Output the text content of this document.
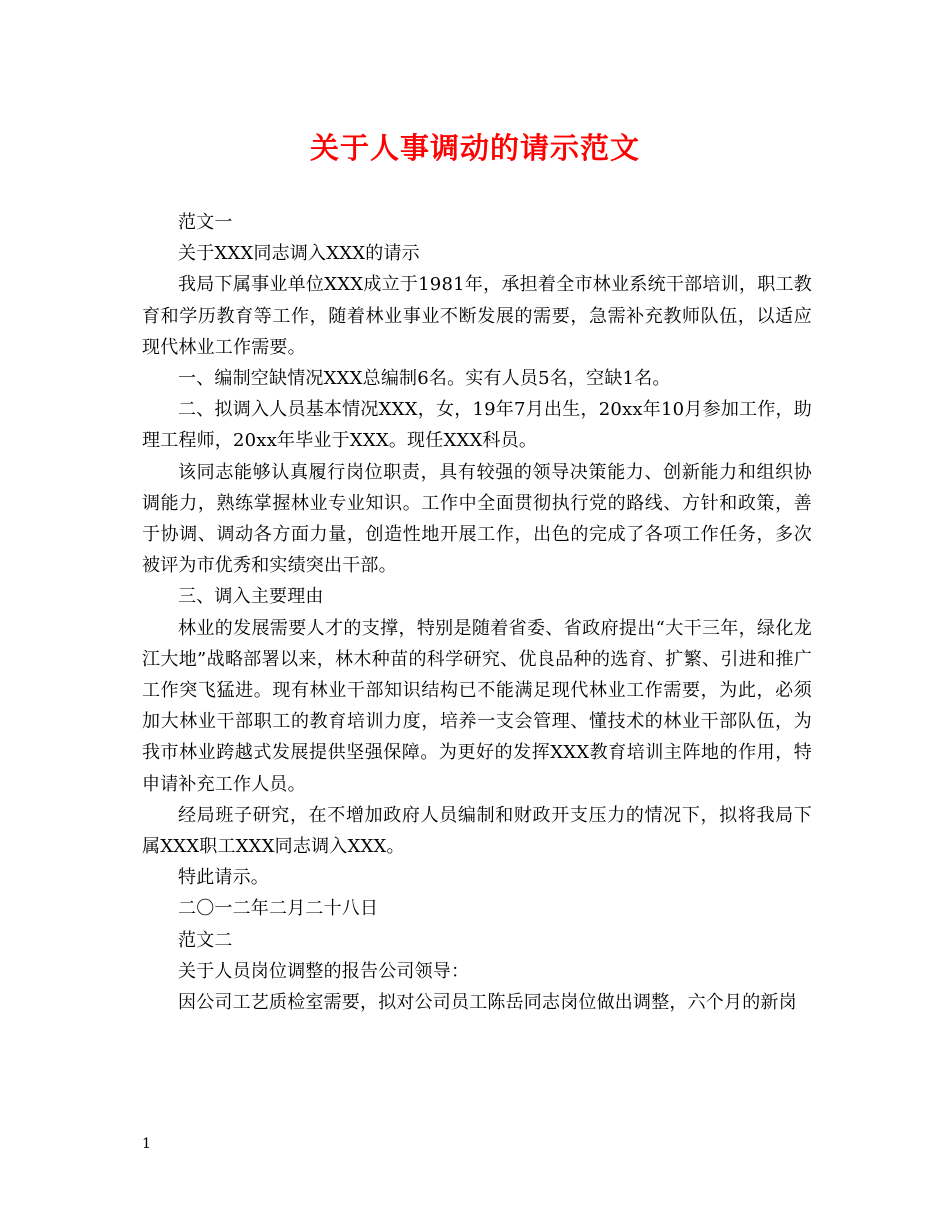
关于人事调动的请示范文

范文一

关于XXX同志调入XXX的请示

我局下属事业单位XXX成立于1981年，承担着全市林业系统干部培训，职工教育和学历教育等工作，随着林业事业不断发展的需要，急需补充教师队伍，以适应现代林业工作需要。

一、编制空缺情况XXX总编制6名。实有人员5名，空缺1名。

二、拟调入人员基本情况XXX，女，19年7月出生，20xx年10月参加工作，助理工程师，20xx年毕业于XXX。现任XXX科员。

该同志能够认真履行岗位职责，具有较强的领导决策能力、创新能力和组织协调能力，熟练掌握林业专业知识。工作中全面贯彻执行党的路线、方针和政策，善于协调、调动各方面力量，创造性地开展工作，出色的完成了各项工作任务，多次被评为市优秀和实绩突出干部。

三、调入主要理由

林业的发展需要人才的支撑，特别是随着省委、省政府提出“大干三年，绿化龙江大地”战略部署以来，林木种苗的科学研究、优良品种的选育、扩繁、引进和推广工作突飞猛进。现有林业干部知识结构已不能满足现代林业工作需要，为此，必须加大林业干部职工的教育培训力度，培养一支会管理、懂技术的林业干部队伍，为我市林业跨越式发展提供坚强保障。为更好的发挥XXX教育培训主阵地的作用，特申请补充工作人员。

经局班子研究，在不增加政府人员编制和财政开支压力的情况下，拟将我局下属XXX职工XXX同志调入XXX。

特此请示。

二〇一二年二月二十八日

范文二

关于人员岗位调整的报告公司领导：

因公司工艺质检室需要，拟对公司员工陈岳同志岗位做出调整，六个月的新岗

1
